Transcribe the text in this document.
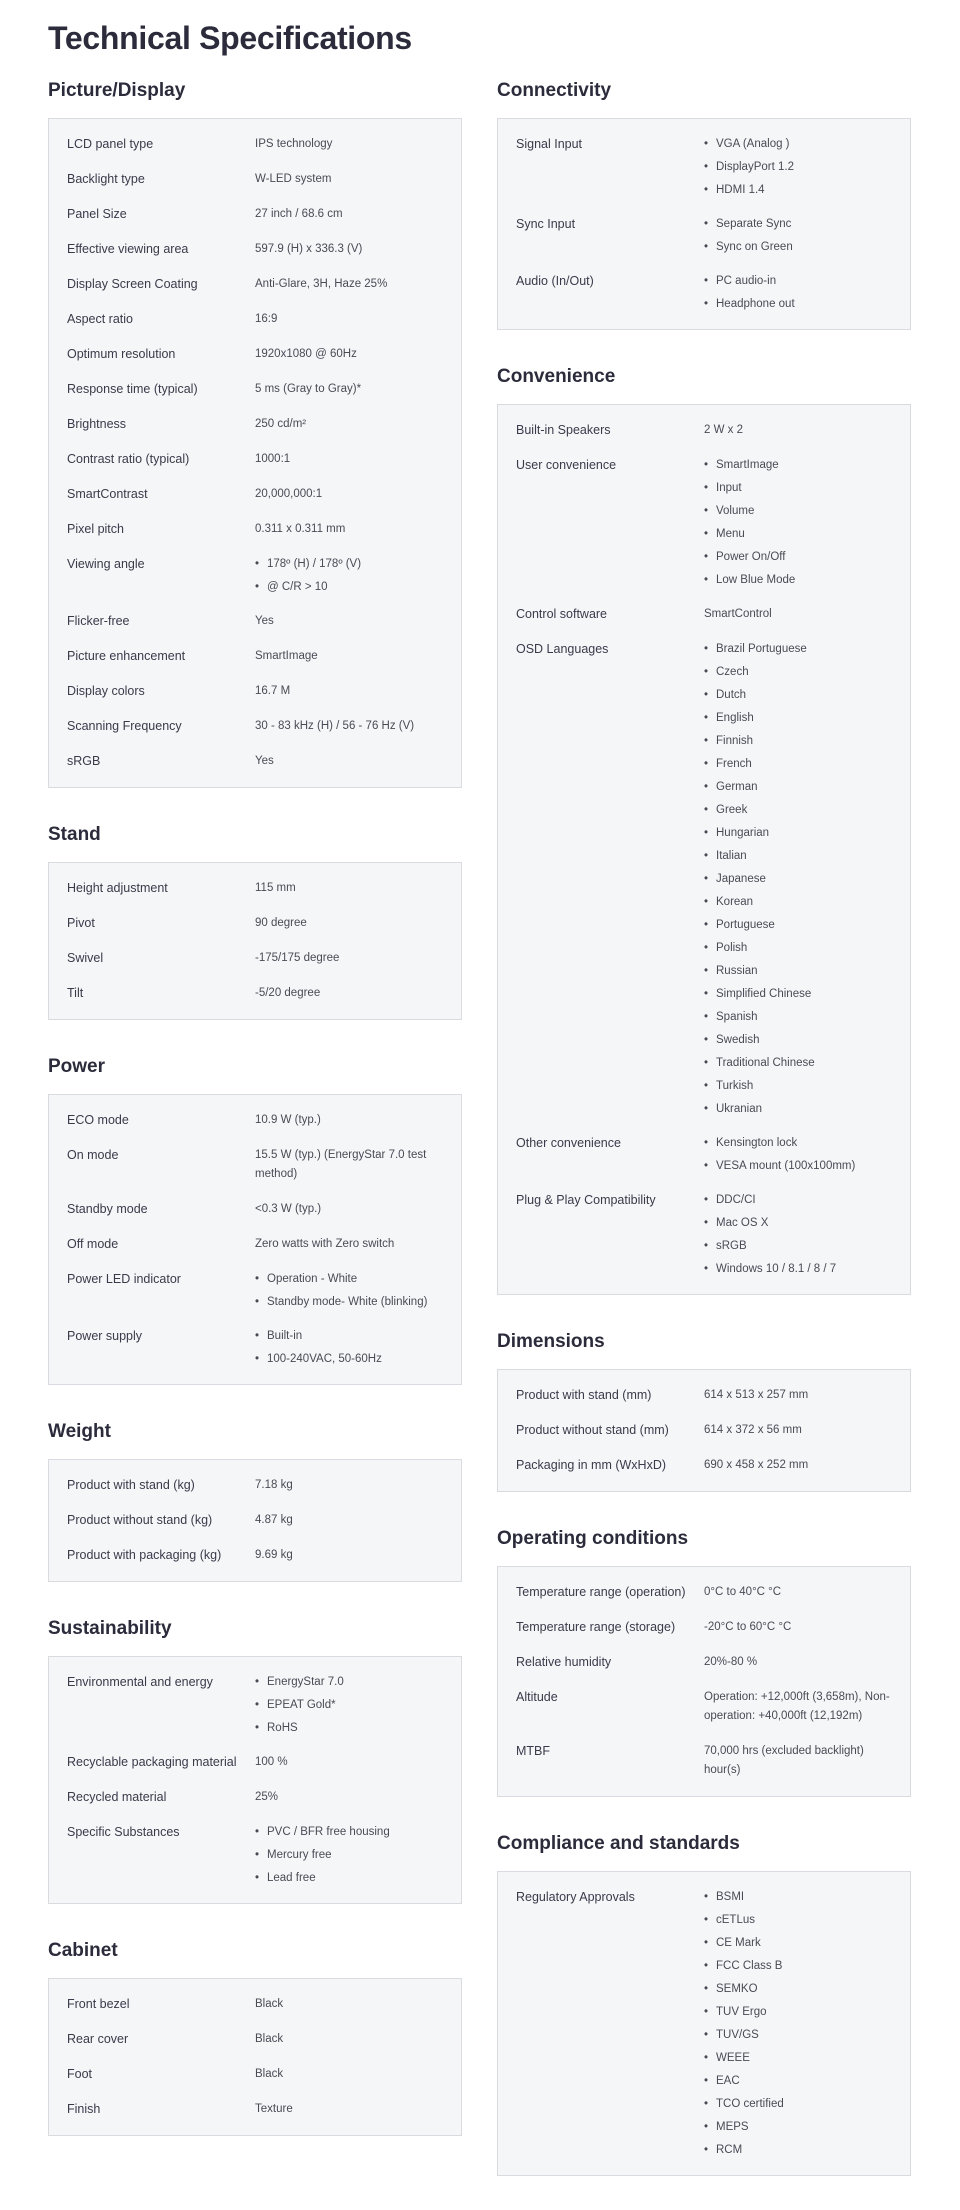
Technical Specifications
Picture/Display
LCD panel type	IPS technology
Backlight type	W-LED system
Panel Size	27 inch / 68.6 cm
Effective viewing area	597.9 (H) x 336.3 (V)
Display Screen Coating	Anti-Glare, 3H, Haze 25%
Aspect ratio	16:9
Optimum resolution	1920x1080 @ 60Hz
Response time (typical)	5 ms (Gray to Gray)*
Brightness	250 cd/m²
Contrast ratio (typical)	1000:1
SmartContrast	20,000,000:1
Pixel pitch	0.311 x 0.311 mm
Viewing angle	• 178º (H) / 178º (V)
• @ C/R > 10
Flicker-free	Yes
Picture enhancement	SmartImage
Display colors	16.7 M
Scanning Frequency	30 - 83 kHz (H) / 56 - 76 Hz (V)
sRGB	Yes
Stand
Height adjustment	115 mm
Pivot	90 degree
Swivel	-175/175 degree
Tilt	-5/20 degree
Power
ECO mode	10.9 W (typ.)
On mode	15.5 W (typ.) (EnergyStar 7.0 test method)
Standby mode	<0.3 W (typ.)
Off mode	Zero watts with Zero switch
Power LED indicator	• Operation - White
• Standby mode- White (blinking)
Power supply	• Built-in
• 100-240VAC, 50-60Hz
Weight
Product with stand (kg)	7.18 kg
Product without stand (kg)	4.87 kg
Product with packaging (kg)	9.69 kg
Sustainability
Environmental and energy	• EnergyStar 7.0
• EPEAT Gold*
• RoHS
Recyclable packaging material	100 %
Recycled material	25%
Specific Substances	• PVC / BFR free housing
• Mercury free
• Lead free
Cabinet
Front bezel	Black
Rear cover	Black
Foot	Black
Finish	Texture
Connectivity
Signal Input	• VGA (Analog )
• DisplayPort 1.2
• HDMI 1.4
Sync Input	• Separate Sync
• Sync on Green
Audio (In/Out)	• PC audio-in
• Headphone out
Convenience
Built-in Speakers	2 W x 2
User convenience	• SmartImage
• Input
• Volume
• Menu
• Power On/Off
• Low Blue Mode
Control software	SmartControl
OSD Languages	• Brazil Portuguese
• Czech
• Dutch
• English
• Finnish
• French
• German
• Greek
• Hungarian
• Italian
• Japanese
• Korean
• Portuguese
• Polish
• Russian
• Simplified Chinese
• Spanish
• Swedish
• Traditional Chinese
• Turkish
• Ukranian
Other convenience	• Kensington lock
• VESA mount (100x100mm)
Plug & Play Compatibility	• DDC/CI
• Mac OS X
• sRGB
• Windows 10 / 8.1 / 8 / 7
Dimensions
Product with stand (mm)	614 x 513 x 257 mm
Product without stand (mm)	614 x 372 x 56 mm
Packaging in mm (WxHxD)	690 x 458 x 252 mm
Operating conditions
Temperature range (operation)	0°C to 40°C °C
Temperature range (storage)	-20°C to 60°C °C
Relative humidity	20%-80 %
Altitude	Operation: +12,000ft (3,658m), Non-operation: +40,000ft (12,192m)
MTBF	70,000 hrs (excluded backlight) hour(s)
Compliance and standards
Regulatory Approvals	• BSMI
• cETLus
• CE Mark
• FCC Class B
• SEMKO
• TUV Ergo
• TUV/GS
• WEEE
• EAC
• TCO certified
• MEPS
• RCM
